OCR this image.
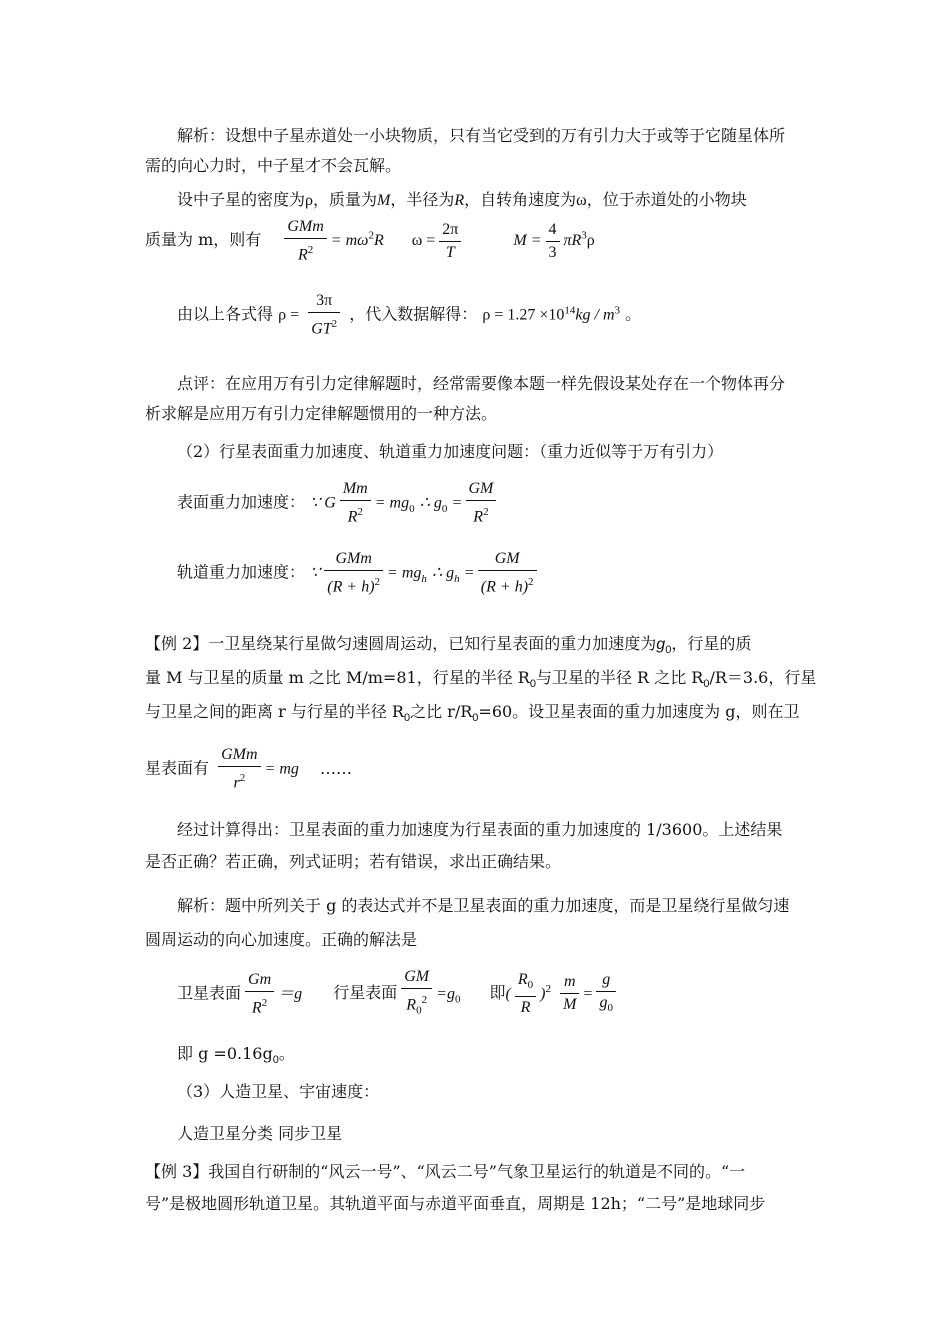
解析：设想中子星赤道处一小块物质，只有当它受到的万有引力大于或等于它随星体所
需的向心力时，中子星才不会瓦解。
设中子星的密度为ρ，质量为M，半径为R，自转角速度为ω，位于赤道处的小物块
质量为 m，则有 $\frac{\text{GMm}}{R^2} = m\omega^2R$ $\omega = \frac{2\pi}{T}$	$M = \frac{4}{3} \pi R^3\rho$
由以上各式得 $\rho = \frac{3\pi}{GT^2}$ ，代入数据解得： $\rho = 1.27 \times 10^{14}kg / m^3$ 。
点评：在应用万有引力定律解题时，经常需要像本题一样先假设某处存在一个物体再分
析求解是应用万有引力定律解题惯用的一种方法。
（2）行星表面重力加速度、轨道重力加速度问题：（重力近似等于万有引力）
表面重力加速度： ∵ G $\frac{Mm}{R^2} = mg_0$ ∴ $g_0 = \frac{GM}{R^2}$
轨道重力加速度： ∵ $\frac{\text{GMm}}{(R + h)^2} = mg_h$ ∴ $g_h = \frac{GM}{(R + h)^2}$
【例 2】一卫星绕某行星做匀速圆周运动，已知行星表面的重力加速度为$g_0$，行星的质
量 M 与卫星的质量 m 之比 M/m=81，行星的半径 $R_0$与卫星的半径 R 之比 $R_0/R=3.6$，行星
与卫星之间的距离 r 与行星的半径 $R_0$之比 $r/R_0=60$。设卫星表面的重力加速度为 g，则在卫
星表面有 $\frac{\text{GMm}}{r^2}$ = mg ……
经过计算得出：卫星表面的重力加速度为行星表面的重力加速度的 1/3600。上述结果
是否正确？若正确，列式证明；若有错误，求出正确结果。
解析：题中所列关于 g 的表达式并不是卫星表面的重力加速度，而是卫星绕行星做匀速
圆周运动的向心加速度。正确的解法是
卫星表面 $\frac{Gm}{R^2} =g$ 行星表面 $\frac{GM}{R_0^2} =g_0$ 即( $\frac{R_0}{R} )^2 \frac{m}{M} = \frac{g}{g_0}$
即 $g =0.16g_0$。
（3）人造卫星、宇宙速度：
人造卫星分类 同步卫星
【例 3】我国自行研制的“风云一号”、“风云二号”气象卫星运行的轨道是不同的。“一
号”是极地圆形轨道卫星。其轨道平面与赤道平面垂直，周期是 12h；“二号”是地球同步
